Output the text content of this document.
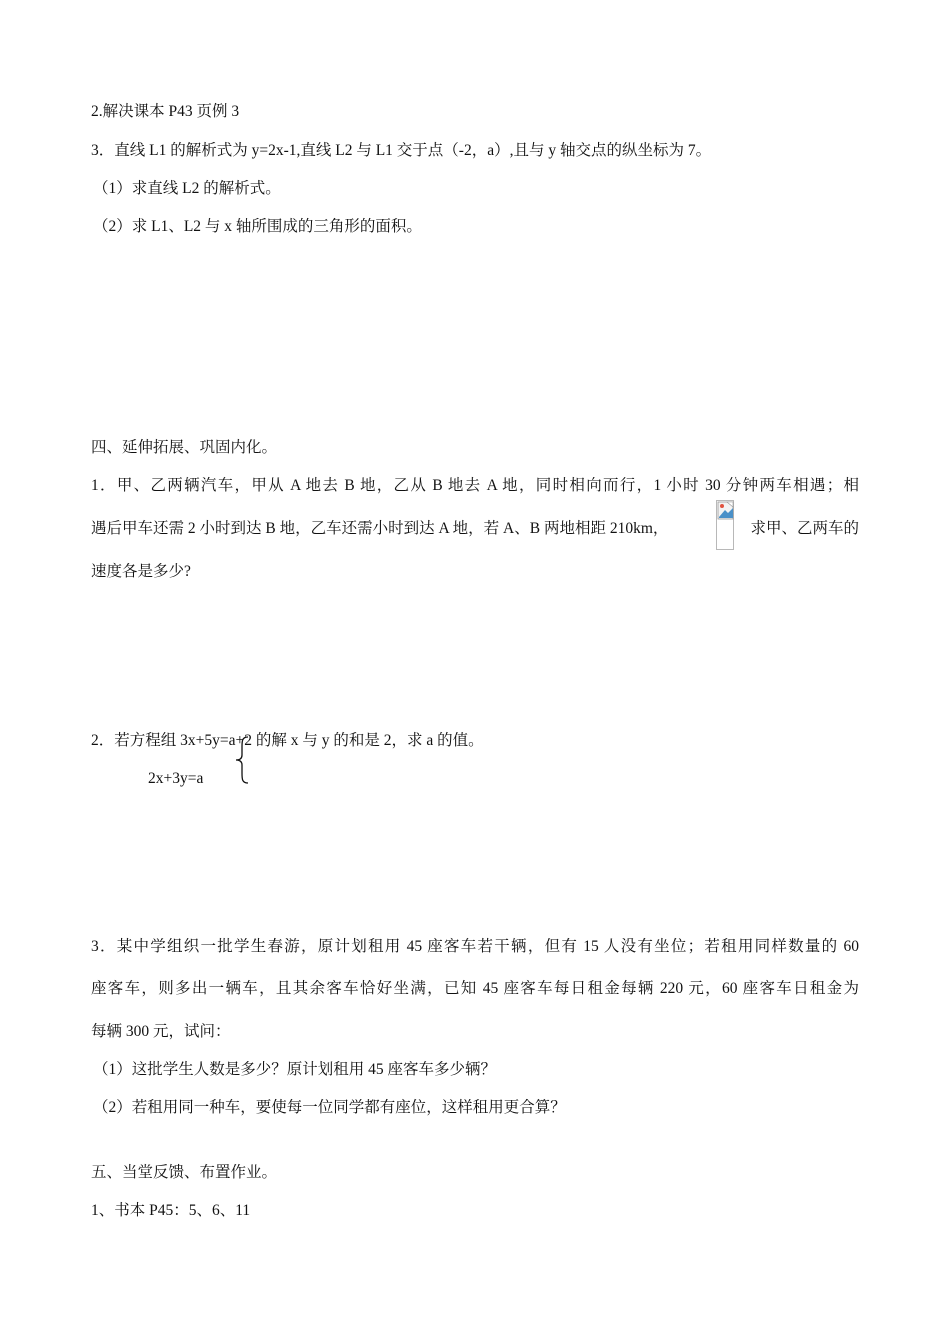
2.解决课本 P43 页例 3
3．直线 L1 的解析式为 y=2x-1,直线 L2 与 L1 交于点（-2，a）,且与 y 轴交点的纵坐标为 7。
（1）求直线 L2 的解析式。
（2）求 L1、L2 与 x 轴所围成的三角形的面积。
四、延伸拓展、巩固内化。
1．甲、乙两辆汽车，甲从 A 地去 B 地，乙从 B 地去 A 地，同时相向而行，1 小时 30 分钟两车相遇；相
遇后甲车还需 2 小时到达 B 地，乙车还需小时到达 A 地，若 A、B 两地相距 210km，	求甲、乙两车的
速度各是多少?
2．若方程组 3x+5y=a+2 的解 x 与 y 的和是 2，求 a 的值。
2x+3y=a
3．某中学组织一批学生春游，原计划租用 45 座客车若干辆，但有 15 人没有坐位；若租用同样数量的 60
座客车，则多出一辆车，且其余客车恰好坐满，已知 45 座客车每日租金每辆 220 元，60 座客车日租金为
每辆 300 元，试问：
（1）这批学生人数是多少？原计划租用 45 座客车多少辆？
（2）若租用同一种车，要使每一位同学都有座位，这样租用更合算？
五、当堂反馈、布置作业。
1、书本 P45：5、6、11
